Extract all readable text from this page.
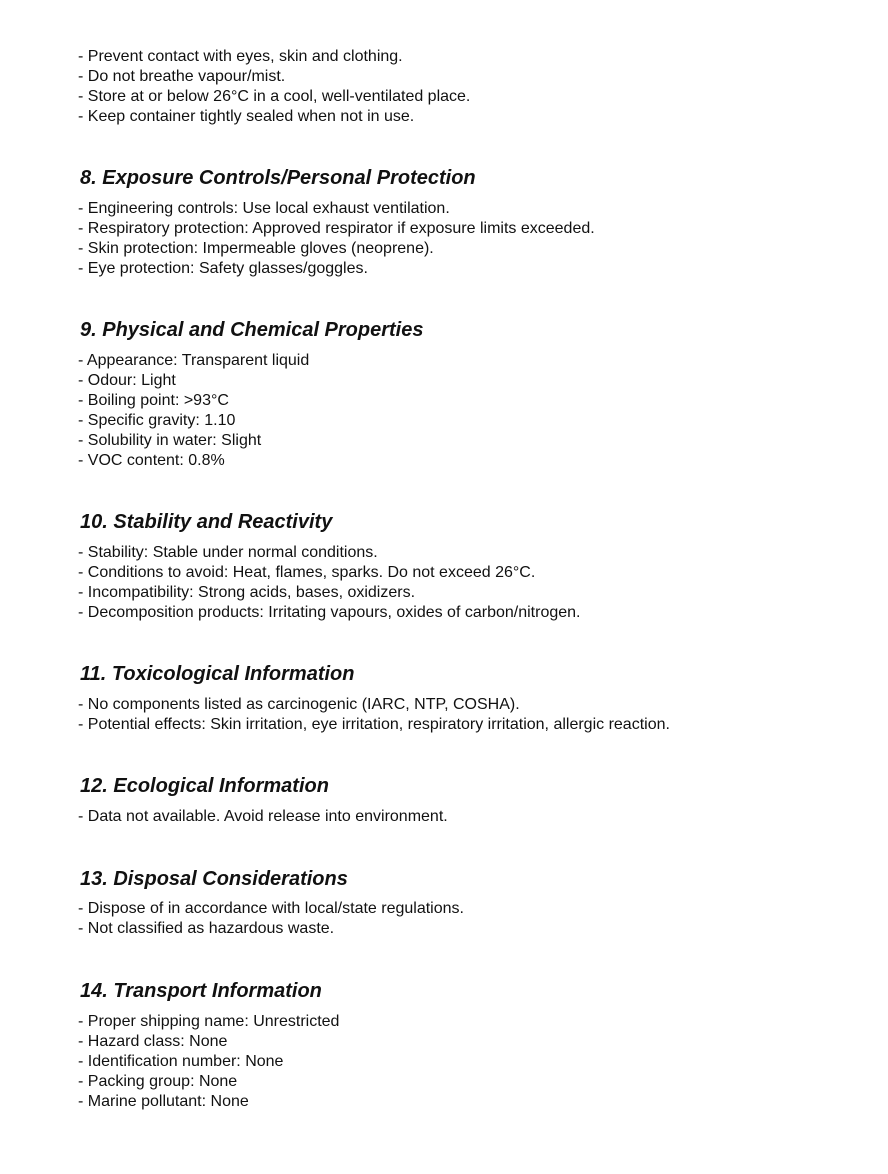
- Prevent contact with eyes, skin and clothing.
- Do not breathe vapour/mist.
- Store at or below 26°C in a cool, well-ventilated place.
- Keep container tightly sealed when not in use.
8. Exposure Controls/Personal Protection
- Engineering controls: Use local exhaust ventilation.
- Respiratory protection: Approved respirator if exposure limits exceeded.
- Skin protection: Impermeable gloves (neoprene).
- Eye protection: Safety glasses/goggles.
9. Physical and Chemical Properties
- Appearance: Transparent liquid
- Odour: Light
- Boiling point: >93°C
- Specific gravity: 1.10
- Solubility in water: Slight
- VOC content: 0.8%
10. Stability and Reactivity
- Stability: Stable under normal conditions.
- Conditions to avoid: Heat, flames, sparks. Do not exceed 26°C.
- Incompatibility: Strong acids, bases, oxidizers.
- Decomposition products: Irritating vapours, oxides of carbon/nitrogen.
11. Toxicological Information
- No components listed as carcinogenic (IARC, NTP, COSHA).
- Potential effects: Skin irritation, eye irritation, respiratory irritation, allergic reaction.
12. Ecological Information
- Data not available. Avoid release into environment.
13. Disposal Considerations
- Dispose of in accordance with local/state regulations.
- Not classified as hazardous waste.
14. Transport Information
- Proper shipping name: Unrestricted
- Hazard class: None
- Identification number: None
- Packing group: None
- Marine pollutant: None
